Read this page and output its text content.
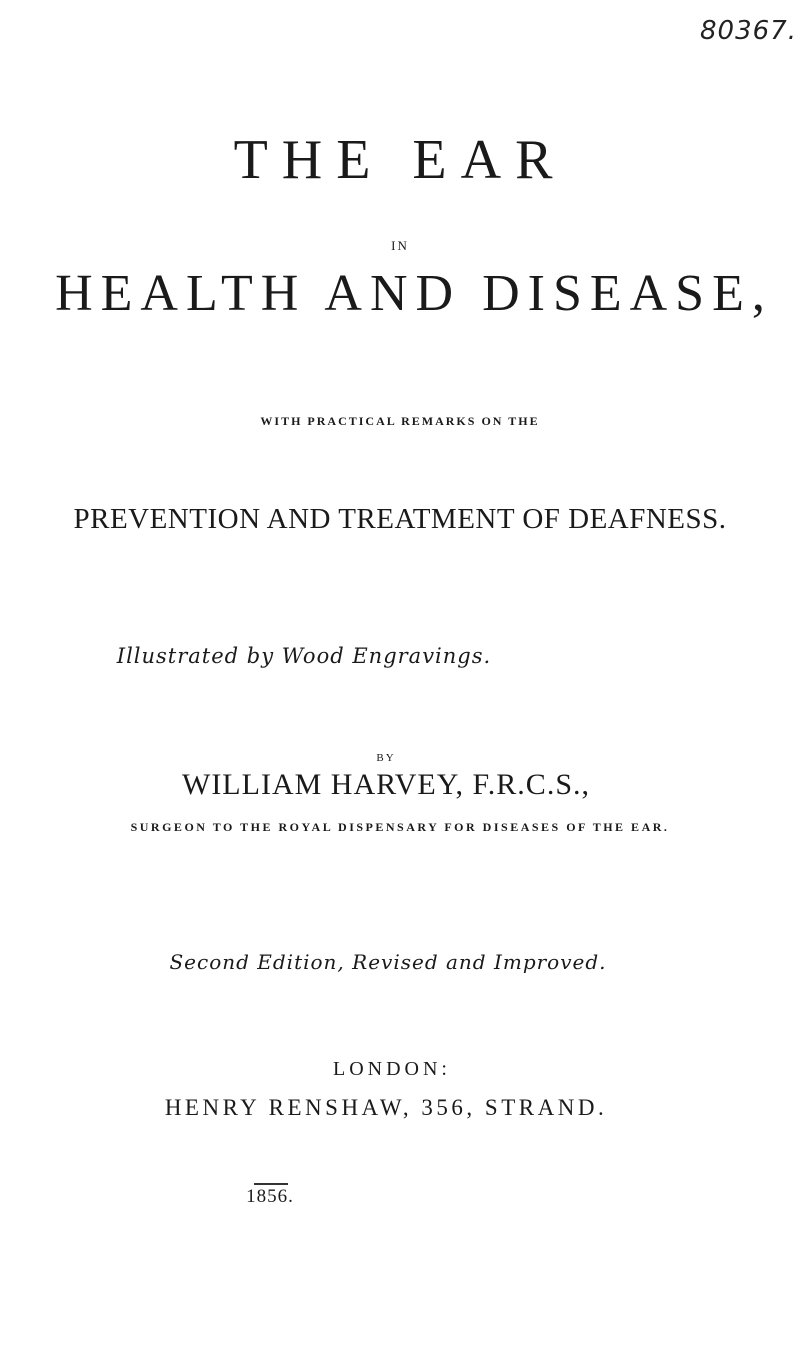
80367.
THE EAR
IN
HEALTH AND DISEASE,
WITH PRACTICAL REMARKS ON THE
PREVENTION AND TREATMENT OF DEAFNESS.
Illustrated by Wood Engravings.
BY
WILLIAM HARVEY, F.R.C.S.,
SURGEON TO THE ROYAL DISPENSARY FOR DISEASES OF THE EAR.
Second Edition, Revised and Improved.
LONDON:
HENRY RENSHAW, 356, STRAND.
1856.
